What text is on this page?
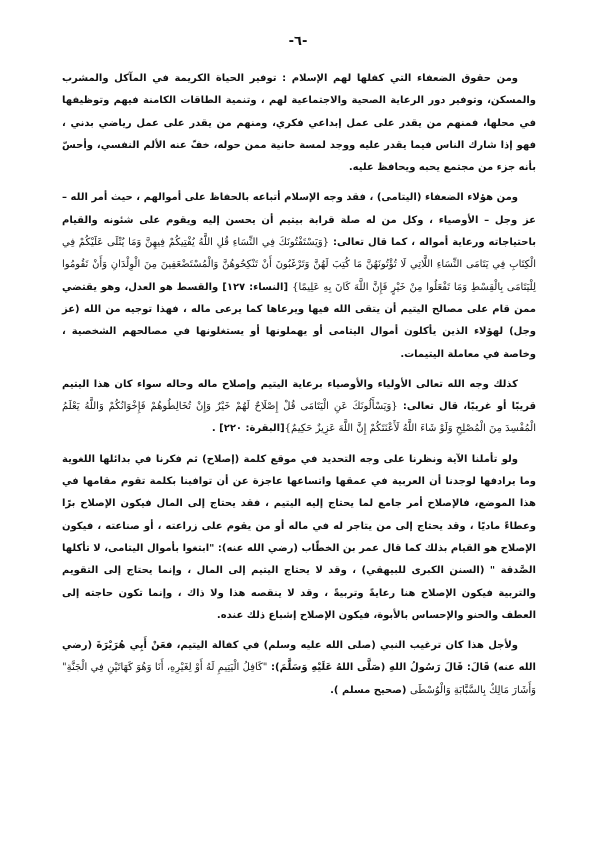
-٦-

ومن حقوق الضعفاء التي كفلها لهم الإسلام : توفير الحياة الكريمة في المآكل والمشرب والمسكن، وتوفير دور الرعاية الصحية والاجتماعية لهم ، وتنمية الطاقات الكامنة فيهم وتوظيفها في محلها، فمنهم من يقدر على عمل إبداعي فكري، ومنهم من يقدر على عمل رياضي بدني ، فهو إذا شارك الناس فيما يقدر عليه ووجد لمسة حانية ممن حوله، خفّ عنه الألم النفسي، وأحسّ بأنه جزء من مجتمع يحبه ويحافظ عليه.

ومن هؤلاء الضعفاء (اليتامى) ، فقد وجه الإسلام أتباعه بالحفاظ على أموالهم ، حيث أمر الله – عز وجل – الأوصياء ، وكل من له صلة قرابة بيتيم أن يحسن إليه ويقوم على شئونه والقيام باحتياجاته ورعاية أمواله ، كما قال تعالى: {وَيَسْتَفْتُونَكَ فِي النِّسَاءِ قُلِ اللَّهُ يُفْتِيكُمْ فِيهِنَّ وَمَا يُتْلَى عَلَيْكُمْ فِي الْكِتَابِ فِي يَتَامَى النِّسَاءِ اللَّاتِي لَا تُؤْتُونَهُنَّ مَا كُتِبَ لَهُنَّ وَتَرْغَبُونَ أَنْ تَنْكِحُوهُنَّ وَالْمُسْتَضْعَفِينَ مِنَ الْوِلْدَانِ وَأَنْ تَقُومُوا لِلْيَتَامَى بِالْقِسْطِ وَمَا تَفْعَلُوا مِنْ خَيْرٍ فَإِنَّ اللَّهَ كَانَ بِهِ عَلِيمًا} [النساء: ١٢٧] والقسط هو العدل، وهو يقتضي ممن قام على مصالح اليتيم أن يتقى الله فيها ويرعاها كما يرعى ماله ، فهذا توجيه من الله (عز وجل) لهؤلاء الذين يأكلون أموال اليتامى أو يهملونها أو يستغلونها في مصالحهم الشخصية ، وخاصة في معاملة اليتيمات.

كذلك وجه الله تعالى الأولياء والأوصياء برعاية اليتيم وإصلاح ماله وحاله سواء كان هذا اليتيم قريبًا أو غريبًا، قال تعالى: {وَيَسْأَلُونَكَ عَنِ الْيَتَامَى قُلْ إِصْلَاحٌ لَهُمْ خَيْرٌ وَإِنْ تُخَالِطُوهُمْ فَإِخْوَانُكُمْ وَاللَّهُ يَعْلَمُ الْمُفْسِدَ مِنَ الْمُصْلِحِ وَلَوْ شَاءَ اللَّهُ لَأَعْنَتَكُمْ إِنَّ اللَّهَ عَزِيزٌ حَكِيمٌ}[البقرة: ٢٢٠] .

ولو تأملنا الآية ونظرنا على وجه التحديد في موقع كلمة (إصلاح) ثم فكرنا في بدائلها اللغوية وما يرادفها لوجدنا أن العربية في عمقها واتساعها عاجزة عن أن توافينا بكلمة تقوم مقامها في هذا الموضع، فالإصلاح أمر جامع لما يحتاج إليه اليتيم ، فقد يحتاج إلى المال فيكون الإصلاح برًا وعطاءً ماديًا ، وقد يحتاج إلى من يتاجر له في ماله أو من يقوم على زراعته ، أو صناعته ، فيكون الإصلاح هو القيام بذلك كما قال عمر بن الخطّاب (رضي الله عنه): "ابتغوا بأموال اليتامى، لا تأكلها الصَّدقة " (السنن الكبرى للبيهقي) ، وقد لا يحتاج اليتيم إلى المال ، وإنما يحتاج إلى التقويم والتربية فيكون الإصلاح هنا رعايةً وتربيةً ، وقد لا ينقصه هذا ولا ذاك ، وإنما تكون حاجته إلى العطف والحنو والإحساس بالأبوة، فيكون الإصلاح إشباع ذلك عنده.

ولأجل هذا كان ترغيب النبي (صلى الله عليه وسلم) في كفالة اليتيم، فعَنْ أَبِي هُرَيْرَةَ (رضي الله عنه) قَالَ: قَالَ رَسُولُ اللهِ (صَلَّى اللهُ عَلَيْهِ وَسَلَّمَ): "كَافِلُ الْيَتِيمِ لَهُ أَوْ لِغَيْرِهِ، أَنَا وَهُوَ كَهَاتَيْنِ فِي الْجَنَّةِ" وَأَشَارَ مَالِكٌ بِالسَّبَّابَةِ وَالْوُسْطَى (صحيح مسلم ).
